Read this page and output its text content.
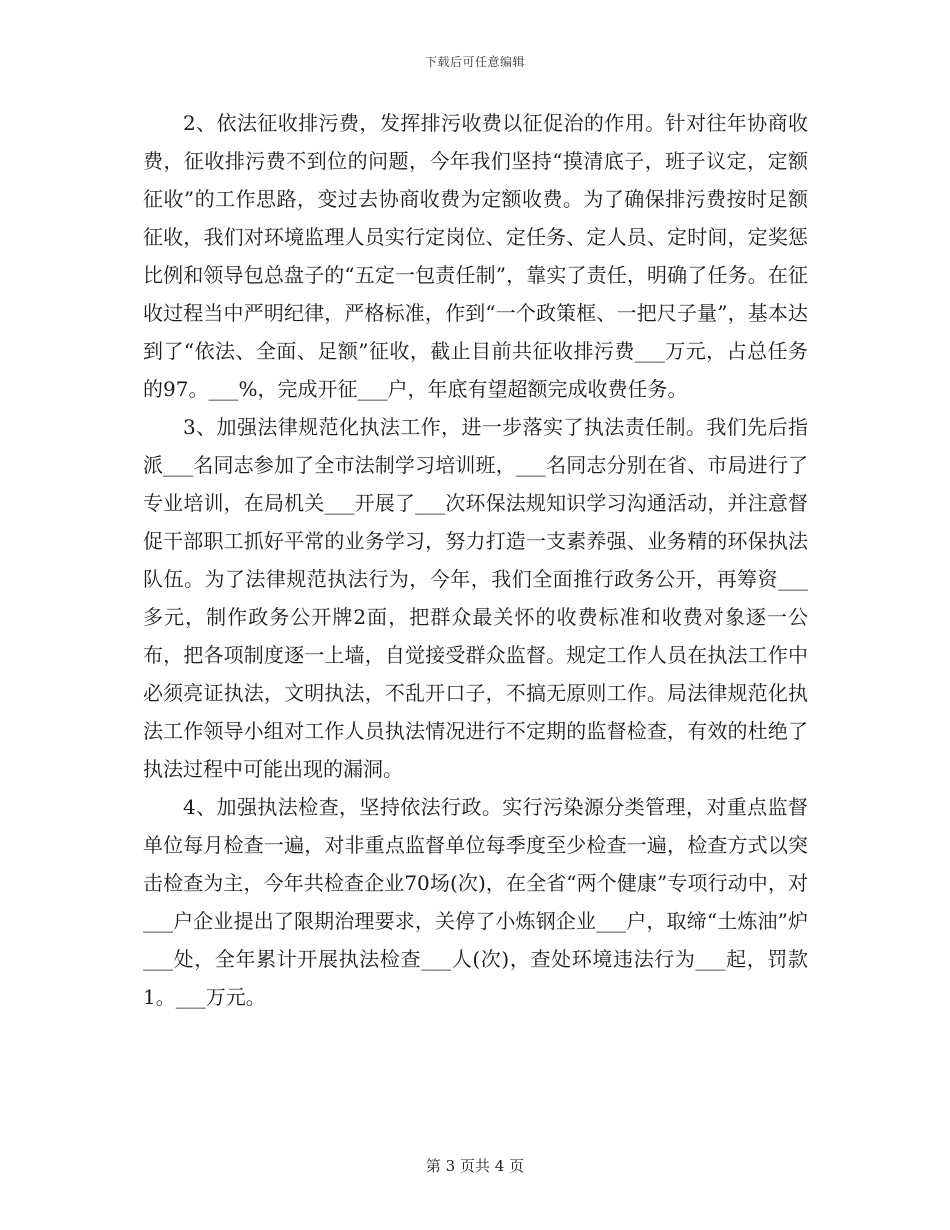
下载后可任意编辑

2、依法征收排污费，发挥排污收费以征促治的作用。针对往年协商收费，征收排污费不到位的问题，今年我们坚持“摸清底子，班子议定，定额征收”的工作思路，变过去协商收费为定额收费。为了确保排污费按时足额征收，我们对环境监理人员实行定岗位、定任务、定人员、定时间，定奖惩比例和领导包总盘子的“五定一包责任制”，靠实了责任，明确了任务。在征收过程当中严明纪律，严格标准，作到“一个政策框、一把尺子量”，基本达到了“依法、全面、足额”征收，截止目前共征收排污费___万元，占总任务的97。___%，完成开征___户，年底有望超额完成收费任务。

3、加强法律规范化执法工作，进一步落实了执法责任制。我们先后指派___名同志参加了全市法制学习培训班，___名同志分别在省、市局进行了专业培训，在局机关___开展了___次环保法规知识学习沟通活动，并注意督促干部职工抓好平常的业务学习，努力打造一支素养强、业务精的环保执法队伍。为了法律规范执法行为，今年，我们全面推行政务公开，再筹资___多元，制作政务公开牌2面，把群众最关怀的收费标准和收费对象逐一公布，把各项制度逐一上墙，自觉接受群众监督。规定工作人员在执法工作中必须亮证执法，文明执法，不乱开口子，不搞无原则工作。局法律规范化执法工作领导小组对工作人员执法情况进行不定期的监督检查，有效的杜绝了执法过程中可能出现的漏洞。

4、加强执法检查，坚持依法行政。实行污染源分类管理，对重点监督单位每月检查一遍，对非重点监督单位每季度至少检查一遍，检查方式以突击检查为主，今年共检查企业70场(次)，在全省“两个健康”专项行动中，对___户企业提出了限期治理要求，关停了小炼钢企业___户，取缔“土炼油”炉___处，全年累计开展执法检查___人(次)，查处环境违法行为___起，罚款1。___万元。

第 3 页共 4 页
